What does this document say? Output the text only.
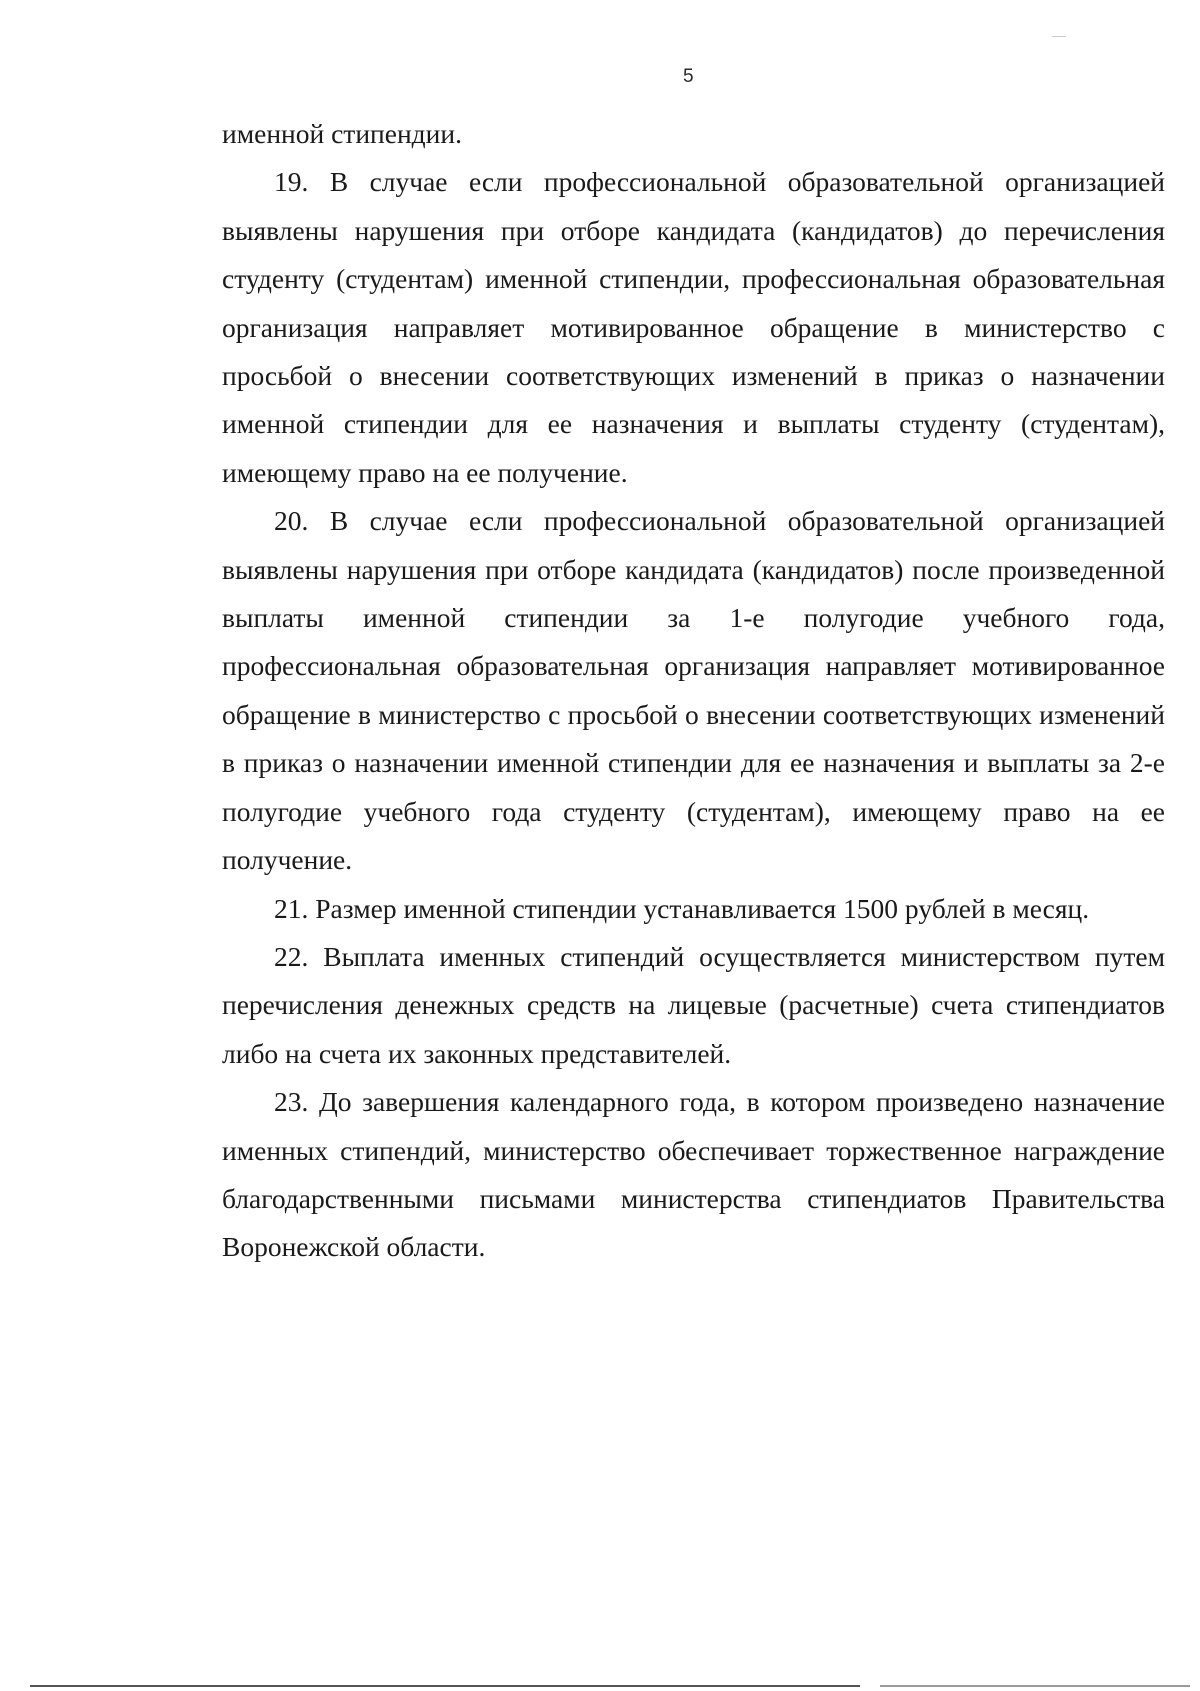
5

именной стипендии.

19. В случае если профессиональной образовательной организацией выявлены нарушения при отборе кандидата (кандидатов) до перечисления студенту (студентам) именной стипендии, профессиональная образовательная организация направляет мотивированное обращение в министерство с просьбой о внесении соответствующих изменений в приказ о назначении именной стипендии для ее назначения и выплаты студенту (студентам), имеющему право на ее получение.

20. В случае если профессиональной образовательной организацией выявлены нарушения при отборе кандидата (кандидатов) после произведенной выплаты именной стипендии за 1-е полугодие учебного года, профессиональная образовательная организация направляет мотивированное обращение в министерство с просьбой о внесении соответствующих изменений в приказ о назначении именной стипендии для ее назначения и выплаты за 2-е полугодие учебного года студенту (студентам), имеющему право на ее получение.

21. Размер именной стипендии устанавливается 1500 рублей в месяц.

22. Выплата именных стипендий осуществляется министерством путем перечисления денежных средств на лицевые (расчетные) счета стипендиатов либо на счета их законных представителей.

23. До завершения календарного года, в котором произведено назначение именных стипендий, министерство обеспечивает торжественное награждение благодарственными письмами министерства стипендиатов Правительства Воронежской области.
